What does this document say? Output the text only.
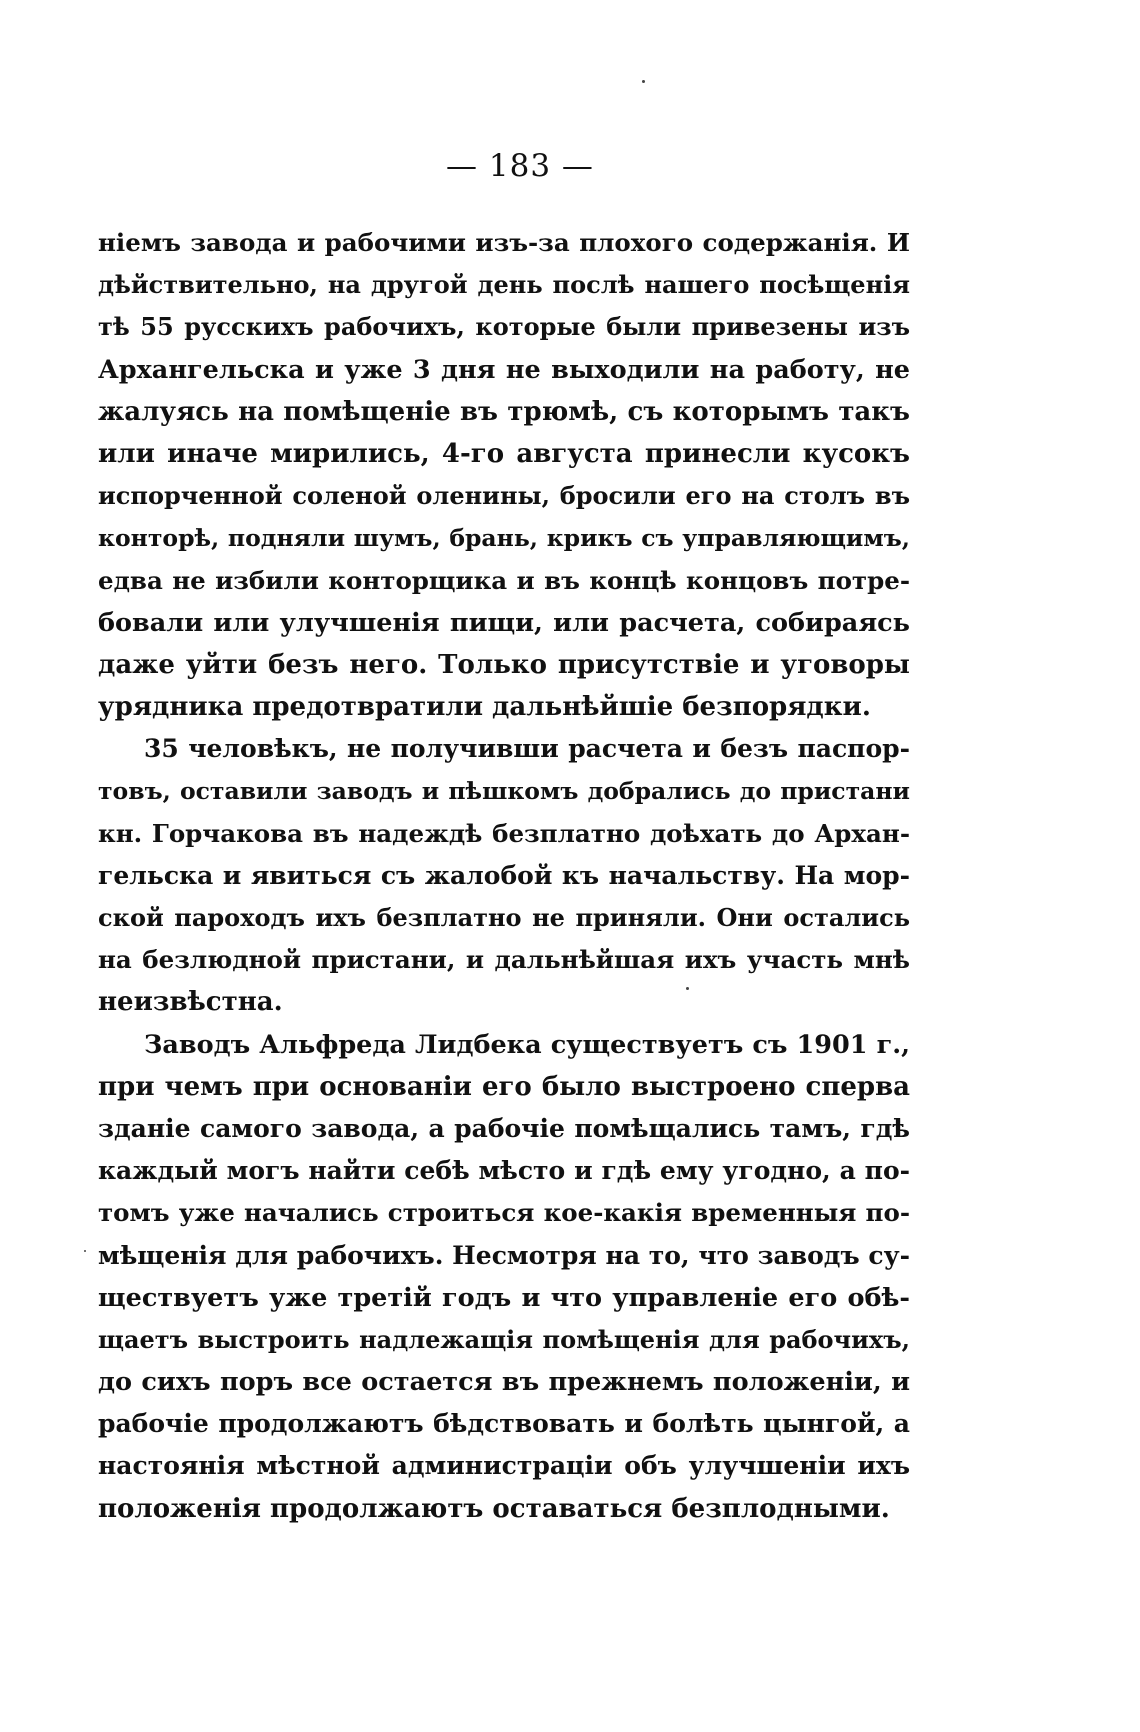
— 183 —
ніемъ завода и рабочими изъ-за плохого содержанія. И
дѣйствительно, на другой день послѣ нашего посѣщенія
тѣ 55 русскихъ рабочихъ, которые были привезены изъ
Архангельска и уже 3 дня не выходили на работу, не
жалуясь на помѣщеніе въ трюмѣ, съ которымъ такъ
или иначе мирились, 4-го августа принесли кусокъ
испорченной соленой оленины, бросили его на столъ въ
конторѣ, подняли шумъ, брань, крикъ съ управляющимъ,
едва не избили конторщика и въ концѣ концовъ потре-
бовали или улучшенія пищи, или расчета, собираясь
даже уйти безъ него. Только присутствіе и уговоры
урядника предотвратили дальнѣйшіе безпорядки.
35 человѣкъ, не получивши расчета и безъ паспор-
товъ, оставили заводъ и пѣшкомъ добрались до пристани
кн. Горчакова въ надеждѣ безплатно доѣхать до Архан-
гельска и явиться съ жалобой къ начальству. На мор-
ской пароходъ ихъ безплатно не приняли. Они остались
на безлюдной пристани, и дальнѣйшая ихъ участь мнѣ
неизвѣстна.
Заводъ Альфреда Лидбека существуетъ съ 1901 г.,
при чемъ при основаніи его было выстроено сперва
зданіе самого завода, а рабочіе помѣщались тамъ, гдѣ
каждый могъ найти себѣ мѣсто и гдѣ ему угодно, а по-
томъ уже начались строиться кое-какія временныя по-
мѣщенія для рабочихъ. Несмотря на то, что заводъ су-
ществуетъ уже третій годъ и что управленіе его обѣ-
щаетъ выстроить надлежащія помѣщенія для рабочихъ,
до сихъ поръ все остается въ прежнемъ положеніи, и
рабочіе продолжаютъ бѣдствовать и болѣть цынгой, а
настоянія мѣстной администраціи объ улучшеніи ихъ
положенія продолжаютъ оставаться безплодными.
